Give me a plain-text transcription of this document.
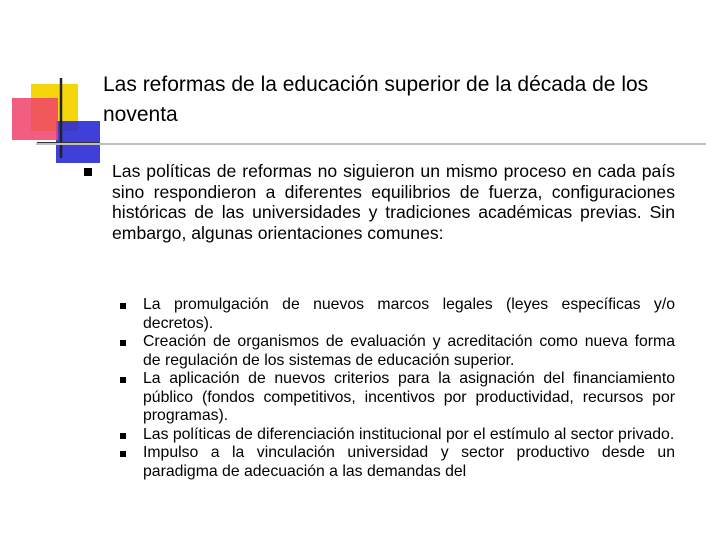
Las reformas de la educación superior de la década de los noventa
Las políticas de reformas no siguieron un mismo proceso en cada país sino respondieron a diferentes equilibrios de fuerza, configuraciones históricas de las universidades y tradiciones académicas previas. Sin embargo, algunas orientaciones comunes:
La promulgación de nuevos marcos legales (leyes específicas y/o decretos).
Creación de organismos de evaluación y acreditación como nueva forma de regulación de los sistemas de educación superior.
La aplicación de nuevos criterios para la asignación del financiamiento público (fondos competitivos, incentivos por productividad, recursos por programas).
Las políticas de diferenciación institucional por el estímulo al sector privado.
Impulso a la vinculación universidad y sector productivo desde un paradigma de adecuación a las demandas del
